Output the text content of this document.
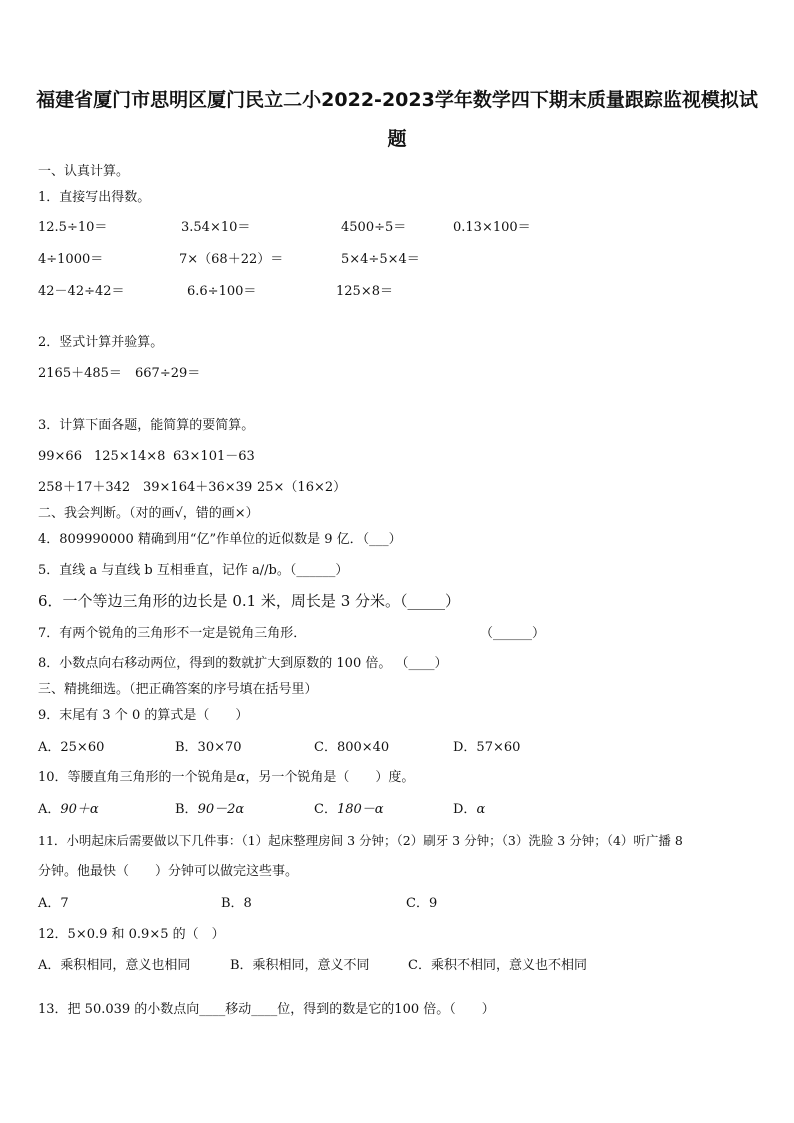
福建省厦门市思明区厦门民立二小2022-2023学年数学四下期末质量跟踪监视模拟试
题
一、认真计算。
1．直接写出得数。
12.5÷10＝	3.54×10＝	4500÷5＝	0.13×100＝
4÷1000＝	7×（68＋22）＝	5×4÷5×4＝
42－42÷42＝	6.6÷100＝	125×8＝
2．竖式计算并验算。
2165＋485＝ 667÷29＝
3．计算下面各题，能简算的要简算。
99×66 125×14×8 63×101－63
258＋17＋342 39×164＋36×39 25×（16×2）
二、我会判断。（对的画√，错的画×）
4．809990000 精确到用“亿”作单位的近似数是 9 亿．（___）
5．直线 a 与直线 b 互相垂直，记作 a//b。（______）
6．一个等边三角形的边长是 0.1 米，周长是 3 分米。（_____）
7．有两个锐角的三角形不一定是锐角三角形．	（______）
8．小数点向右移动两位，得到的数就扩大到原数的 100 倍。 （____）
三、精挑细选。（把正确答案的序号填在括号里）
9．末尾有 3 个 0 的算式是（　　）
A．25×60	B．30×70	C．800×40	D．57×60
10．等腰直角三角形的一个锐角是α，另一个锐角是（　　）度。
A．90＋α	B．90－2α	C．180－α	D．α
11．小明起床后需要做以下几件事：（1）起床整理房间 3 分钟；（2）刷牙 3 分钟；（3）洗脸 3 分钟；（4）听广播 8
分钟。他最快（　　）分钟可以做完这些事。
A．7	B．8	C．9
12．5×0.9 和 0.9×5 的（　）
A．乘积相同，意义也相同	B．乘积相同，意义不同	C．乘积不相同，意义也不相同
13．把 50.039 的小数点向____移动____位，得到的数是它的100 倍。（　　）
